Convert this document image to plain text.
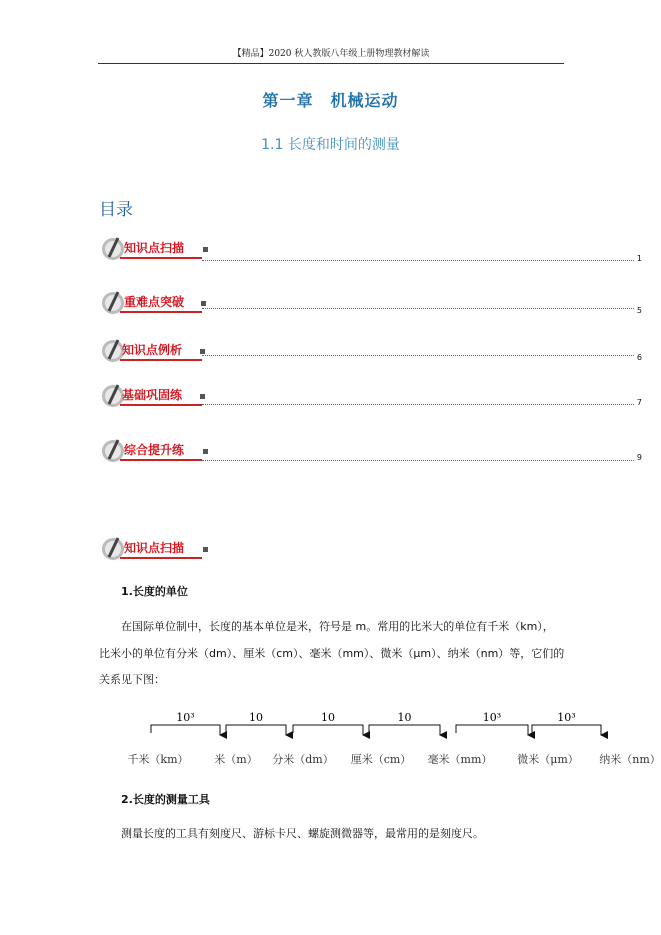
【精品】2020 秋人教版八年级上册物理教材解读
第一章　机械运动
1.1 长度和时间的测量
目录
知识点扫描
1
重难点突破
5
知识点例析
6
基础巩固练
7
综合提升练
9
知识点扫描
1.长度的单位
在国际单位制中，长度的基本单位是米，符号是 m。常用的比米大的单位有千米（km），
比米小的单位有分米（dm）、厘米（cm）、毫米（mm）、微米（μm）、纳米（nm）等，它们的
关系见下图：
千米（km） 米（m） 分米（dm） 厘米（cm） 毫米（mm） 微米（μm） 纳米（nm）
10³	10	10	10	10³	10³
2.长度的测量工具
测量长度的工具有刻度尺、游标卡尺、螺旋测微器等，最常用的是刻度尺。
